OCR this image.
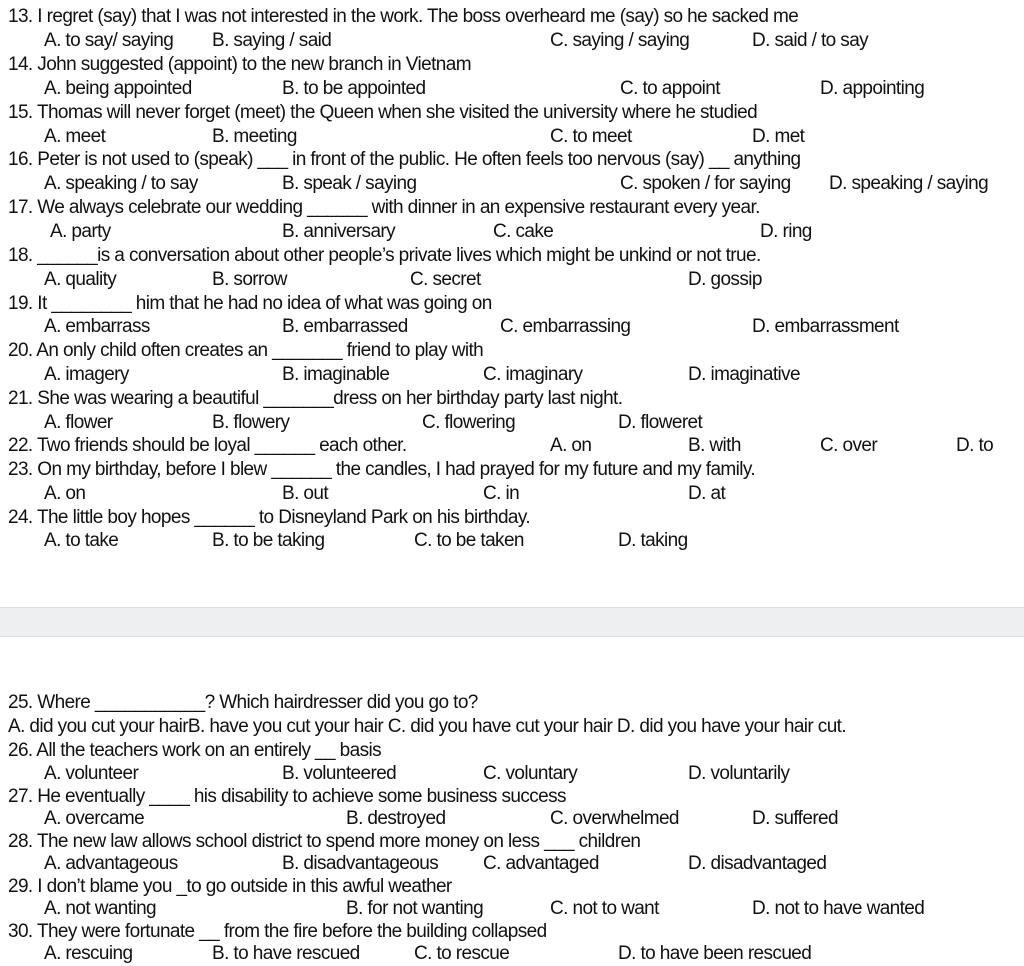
13. I regret (say) that I was not interested in the work. The boss overheard me (say) so he sacked me
A. to say/ saying B. saying / said	C. saying / saying	D. said / to say
14. John suggested (appoint) to the new branch in Vietnam
A. being appointed	B. to be appointed	C. to appoint	D. appointing
15. Thomas will never forget (meet) the Queen when she visited the university where he studied
A. meet	B. meeting	C. to meet	D. met
16. Peter is not used to (speak) ___ in front of the public. He often feels too nervous (say) __ anything
A. speaking / to say	B. speak / saying	C. spoken / for saying D. speaking / saying
17. We always celebrate our wedding ______ with dinner in an expensive restaurant every year.
A. party	B. anniversary	C. cake	D. ring
18. ______is a conversation about other people’s private lives which might be unkind or not true.
A. quality	B. sorrow	C. secret	D. gossip
19. It ________ him that he had no idea of what was going on
A. embarrass	B. embarrassed	C. embarrassing	D. embarrassment
20. An only child often creates an _______ friend to play with
A. imagery	B. imaginable	C. imaginary	D. imaginative
21. She was wearing a beautiful _______dress on her birthday party last night.
A. flower	B. flowery	C. flowering	D. floweret
22. Two friends should be loyal ______ each other.	A. on	B. with	C. over	D. to
23. On my birthday, before I blew ______ the candles, I had prayed for my future and my family.
A. on	B. out	C. in	D. at
24. The little boy hopes ______ to Disneyland Park on his birthday.
A. to take	B. to be taking	C. to be taken	D. taking
25. Where ___________? Which hairdresser did you go to?
A. did you cut your hairB. have you cut your hair C. did you have cut your hair D. did you have your hair cut.
26. All the teachers work on an entirely __ basis
A. volunteer	B. volunteered	C. voluntary	D. voluntarily
27. He eventually ____ his disability to achieve some business success
A. overcame	B. destroyed	C. overwhelmed	D. suffered
28. The new law allows school district to spend more money on less ___ children
A. advantageous	B. disadvantageous C. advantaged	D. disadvantaged
29. I don’t blame you _to go outside in this awful weather
A. not wanting	B. for not wanting	C. not to want	D. not to have wanted
30. They were fortunate __ from the fire before the building collapsed
A. rescuing	B. to have rescued	C. to rescue	D. to have been rescued
